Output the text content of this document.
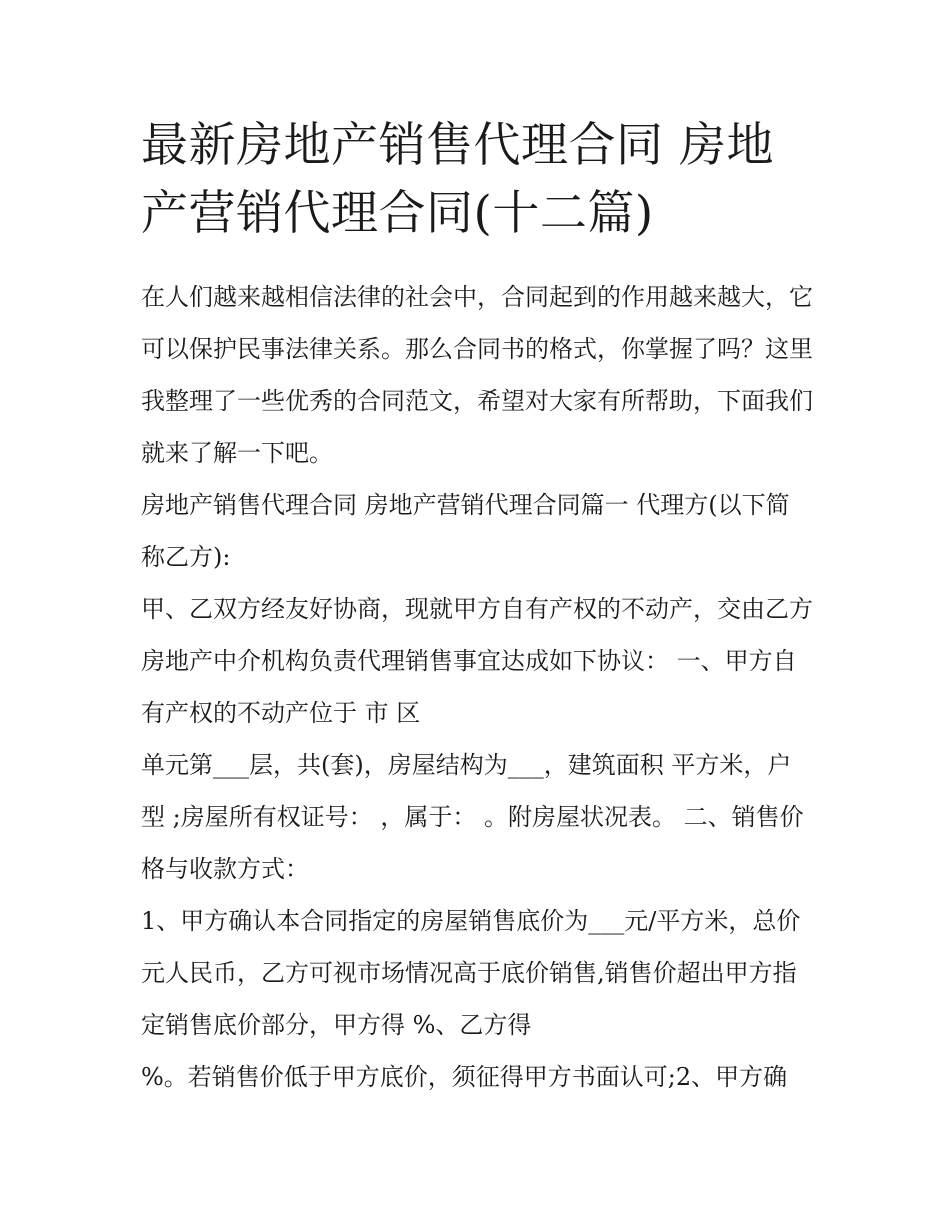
最新房地产销售代理合同 房地
产营销代理合同(十二篇)

在人们越来越相信法律的社会中，合同起到的作用越来越大，它可以保护民事法律关系。那么合同书的格式，你掌握了吗？这里我整理了一些优秀的合同范文，希望对大家有所帮助，下面我们就来了解一下吧。

房地产销售代理合同 房地产营销代理合同篇一 代理方(以下简称乙方):

甲、乙双方经友好协商，现就甲方自有产权的不动产，交由乙方房地产中介机构负责代理销售事宜达成如下协议： 一、甲方自有产权的不动产位于 市 区

单元第___层，共(套)，房屋结构为___，建筑面积 平方米，户型 ;房屋所有权证号： ，属于： 。附房屋状况表。 二、销售价格与收款方式：

1、甲方确认本合同指定的房屋销售底价为___元/平方米，总价 元人民币，乙方可视市场情况高于底价销售,销售价超出甲方指定销售底价部分，甲方得 %、乙方得

%。若销售价低于甲方底价，须征得甲方书面认可;2、甲方确
